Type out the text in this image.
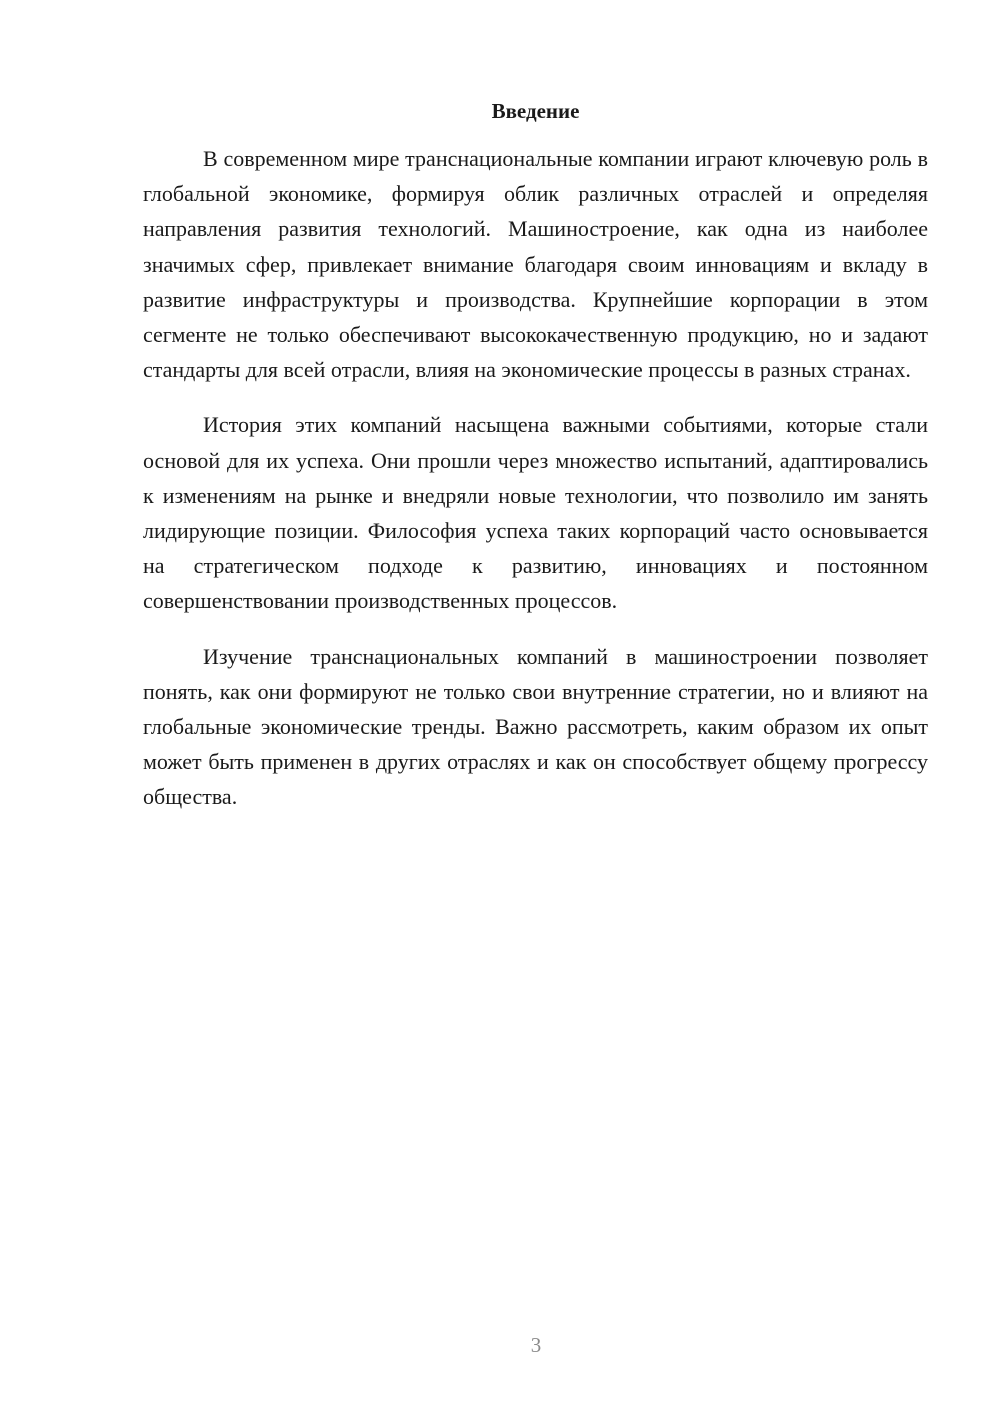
Введение

В современном мире транснациональные компании играют ключевую роль в глобальной экономике, формируя облик различных отраслей и определяя направления развития технологий. Машиностроение, как одна из наиболее значимых сфер, привлекает внимание благодаря своим инновациям и вкладу в развитие инфраструктуры и производства. Крупнейшие корпорации в этом сегменте не только обеспечивают высококачественную продукцию, но и задают стандарты для всей отрасли, влияя на экономические процессы в разных странах.

История этих компаний насыщена важными событиями, которые стали основой для их успеха. Они прошли через множество испытаний, адаптировались к изменениям на рынке и внедряли новые технологии, что позволило им занять лидирующие позиции. Философия успеха таких корпораций часто основывается на стратегическом подходе к развитию, инновациях и постоянном совершенствовании производственных процессов.

Изучение транснациональных компаний в машиностроении позволяет понять, как они формируют не только свои внутренние стратегии, но и влияют на глобальные экономические тренды. Важно рассмотреть, каким образом их опыт может быть применен в других отраслях и как он способствует общему прогрессу общества.

3
